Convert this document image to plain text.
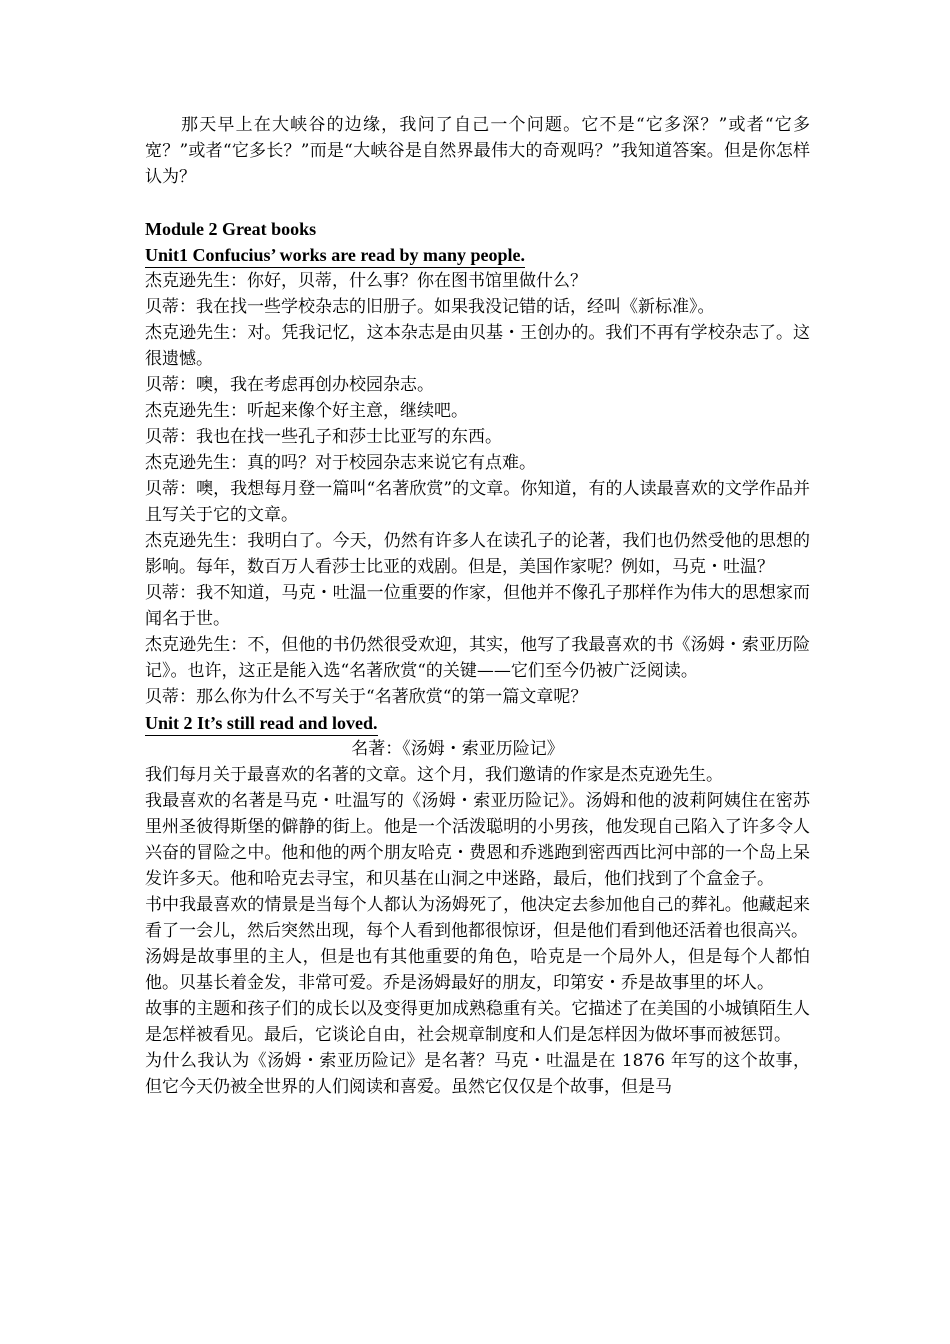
那天早上在大峡谷的边缘，我问了自己一个问题。它不是“它多深？”或者“它多宽？”或者“它多长？”而是“大峡谷是自然界最伟大的奇观吗？”我知道答案。但是你怎样认为？

Module 2 Great books

Unit1 Confucius’ works are read by many people.

杰克逊先生：你好，贝蒂，什么事？你在图书馆里做什么？

贝蒂：我在找一些学校杂志的旧册子。如果我没记错的话，经叫《新标准》。

杰克逊先生：对。凭我记忆，这本杂志是由贝基・王创办的。我们不再有学校杂志了。这很遗憾。

贝蒂：噢，我在考虑再创办校园杂志。

杰克逊先生：听起来像个好主意，继续吧。

贝蒂：我也在找一些孔子和莎士比亚写的东西。

杰克逊先生：真的吗？对于校园杂志来说它有点难。

贝蒂：噢，我想每月登一篇叫“名著欣赏”的文章。你知道，有的人读最喜欢的文学作品并且写关于它的文章。

杰克逊先生：我明白了。今天，仍然有许多人在读孔子的论著，我们也仍然受他的思想的影响。每年，数百万人看莎士比亚的戏剧。但是，美国作家呢？例如，马克・吐温？

贝蒂：我不知道，马克・吐温一位重要的作家，但他并不像孔子那样作为伟大的思想家而闻名于世。

杰克逊先生：不，但他的书仍然很受欢迎，其实，他写了我最喜欢的书《汤姆・索亚历险记》。也许，这正是能入选“名著欣赏“的关键——它们至今仍被广泛阅读。

贝蒂：那么你为什么不写关于“名著欣赏“的第一篇文章呢？

Unit 2 It’s still read and loved.

名著：《汤姆・索亚历险记》

我们每月关于最喜欢的名著的文章。这个月，我们邀请的作家是杰克逊先生。

我最喜欢的名著是马克・吐温写的《汤姆・索亚历险记》。汤姆和他的波莉阿姨住在密苏里州圣彼得斯堡的僻静的街上。他是一个活泼聪明的小男孩，他发现自己陷入了许多令人兴奋的冒险之中。他和他的两个朋友哈克・费恩和乔逃跑到密西西比河中部的一个岛上呆发许多天。他和哈克去寻宝，和贝基在山洞之中迷路，最后，他们找到了个盒金子。

书中我最喜欢的情景是当每个人都认为汤姆死了，他决定去参加他自己的葬礼。他藏起来看了一会儿，然后突然出现，每个人看到他都很惊讶，但是他们看到他还活着也很高兴。

汤姆是故事里的主人，但是也有其他重要的角色，哈克是一个局外人，但是每个人都怕他。贝基长着金发，非常可爱。乔是汤姆最好的朋友，印第安・乔是故事里的坏人。

故事的主题和孩子们的成长以及变得更加成熟稳重有关。它描述了在美国的小城镇陌生人是怎样被看见。最后，它谈论自由，社会规章制度和人们是怎样因为做坏事而被惩罚。

为什么我认为《汤姆・索亚历险记》是名著？马克・吐温是在 1876 年写的这个故事，但它今天仍被全世界的人们阅读和喜爱。虽然它仅仅是个故事，但是马
